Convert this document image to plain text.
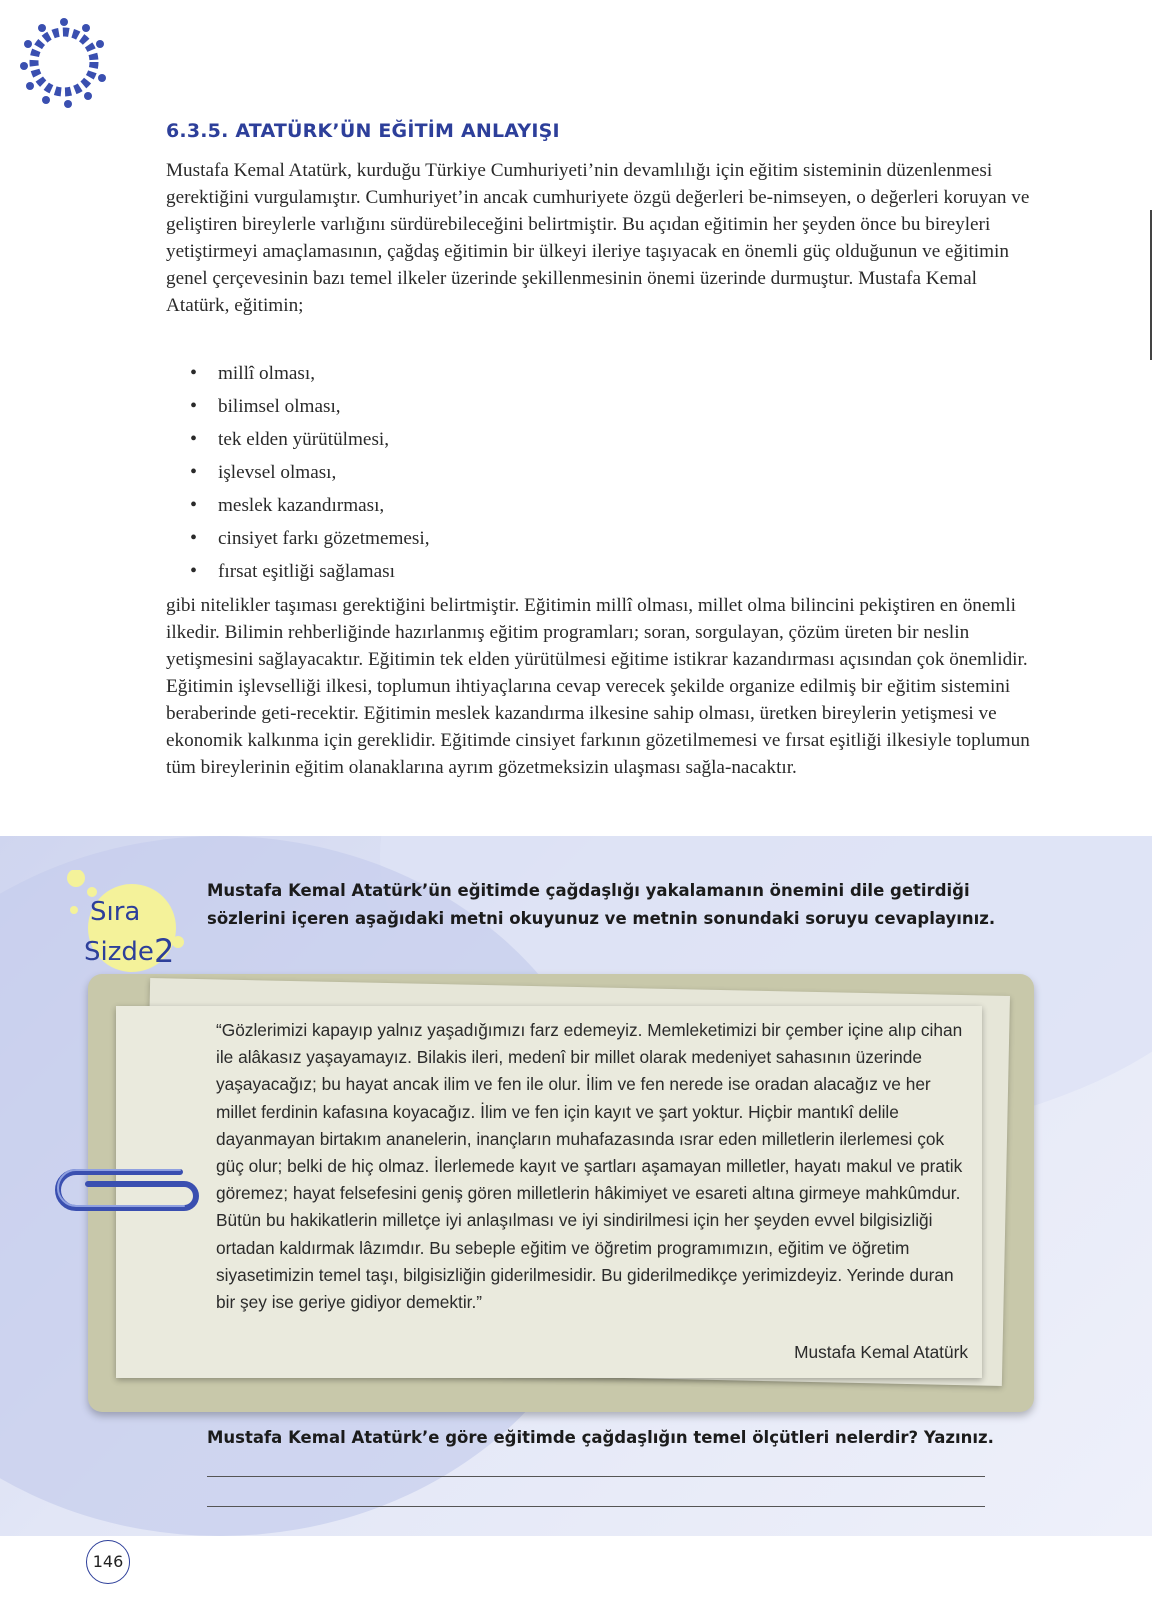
6.3.5. ATATÜRK’ÜN EĞİTİM ANLAYIŞI

Mustafa Kemal Atatürk, kurduğu Türkiye Cumhuriyeti’nin devamlılığı için eğitim sisteminin düzenlenmesi gerektiğini vurgulamıştır. Cumhuriyet’in ancak cumhuriyete özgü değerleri be-nimseyen, o değerleri koruyan ve geliştiren bireylerle varlığını sürdürebileceğini belirtmiştir. Bu açıdan eğitimin her şeyden önce bu bireyleri yetiştirmeyi amaçlamasının, çağdaş eğitimin bir ülkeyi ileriye taşıyacak en önemli güç olduğunun ve eğitimin genel çerçevesinin bazı temel ilkeler üzerinde şekillenmesinin önemi üzerinde durmuştur. Mustafa Kemal Atatürk, eğitimin;

• millî olması,
• bilimsel olması,
• tek elden yürütülmesi,
• işlevsel olması,
• meslek kazandırması,
• cinsiyet farkı gözetmemesi,
• fırsat eşitliği sağlaması

gibi nitelikler taşıması gerektiğini belirtmiştir. Eğitimin millî olması, millet olma bilincini pekiştiren en önemli ilkedir. Bilimin rehberliğinde hazırlanmış eğitim programları; soran, sorgulayan, çözüm üreten bir neslin yetişmesini sağlayacaktır. Eğitimin tek elden yürütülmesi eğitime istikrar kazandırması açısından çok önemlidir. Eğitimin işlevselliği ilkesi, toplumun ihtiyaçlarına cevap verecek şekilde organize edilmiş bir eğitim sistemini beraberinde geti-recektir. Eğitimin meslek kazandırma ilkesine sahip olması, üretken bireylerin yetişmesi ve ekonomik kalkınma için gereklidir. Eğitimde cinsiyet farkının gözetilmemesi ve fırsat eşitliği ilkesiyle toplumun tüm bireylerinin eğitim olanaklarına ayrım gözetmeksizin ulaşması sağla-nacaktır.

Sıra
Sizde 2
Mustafa Kemal Atatürk’ün eğitimde çağdaşlığı yakalamanın önemini dile getirdiği sözlerini içeren aşağıdaki metni okuyunuz ve metnin sonundaki soruyu cevaplayınız.

“Gözlerimizi kapayıp yalnız yaşadığımızı farz edemeyiz. Memleketimizi bir çember içine alıp cihan ile alâkasız yaşayamayız. Bilakis ileri, medenî bir millet olarak medeniyet sahasının üzerinde yaşayacağız; bu hayat ancak ilim ve fen ile olur. İlim ve fen nerede ise oradan alacağız ve her millet ferdinin kafasına koyacağız. İlim ve fen için kayıt ve şart yoktur. Hiçbir mantıkî delile dayanmayan birtakım ananelerin, inançların muhafazasında ısrar eden milletlerin ilerlemesi çok güç olur; belki de hiç olmaz. İlerlemede kayıt ve şartları aşamayan milletler, hayatı makul ve pratik göremez; hayat felsefesini geniş gören milletlerin hâkimiyet ve esareti altına girmeye mahkûmdur. Bütün bu hakikatlerin milletçe iyi anlaşılması ve iyi sindirilmesi için her şeyden evvel bilgisizliği ortadan kaldırmak lâzımdır. Bu sebeple eğitim ve öğretim programımızın, eğitim ve öğretim siyasetimizin temel taşı, bilgisizliğin giderilmesidir. Bu giderilmedikçe yerimizdeyiz. Yerinde duran bir şey ise geriye gidiyor demektir.”

Mustafa Kemal Atatürk
Mustafa Kemal Atatürk’e göre eğitimde çağdaşlığın temel ölçütleri nelerdir? Yazınız.
146
